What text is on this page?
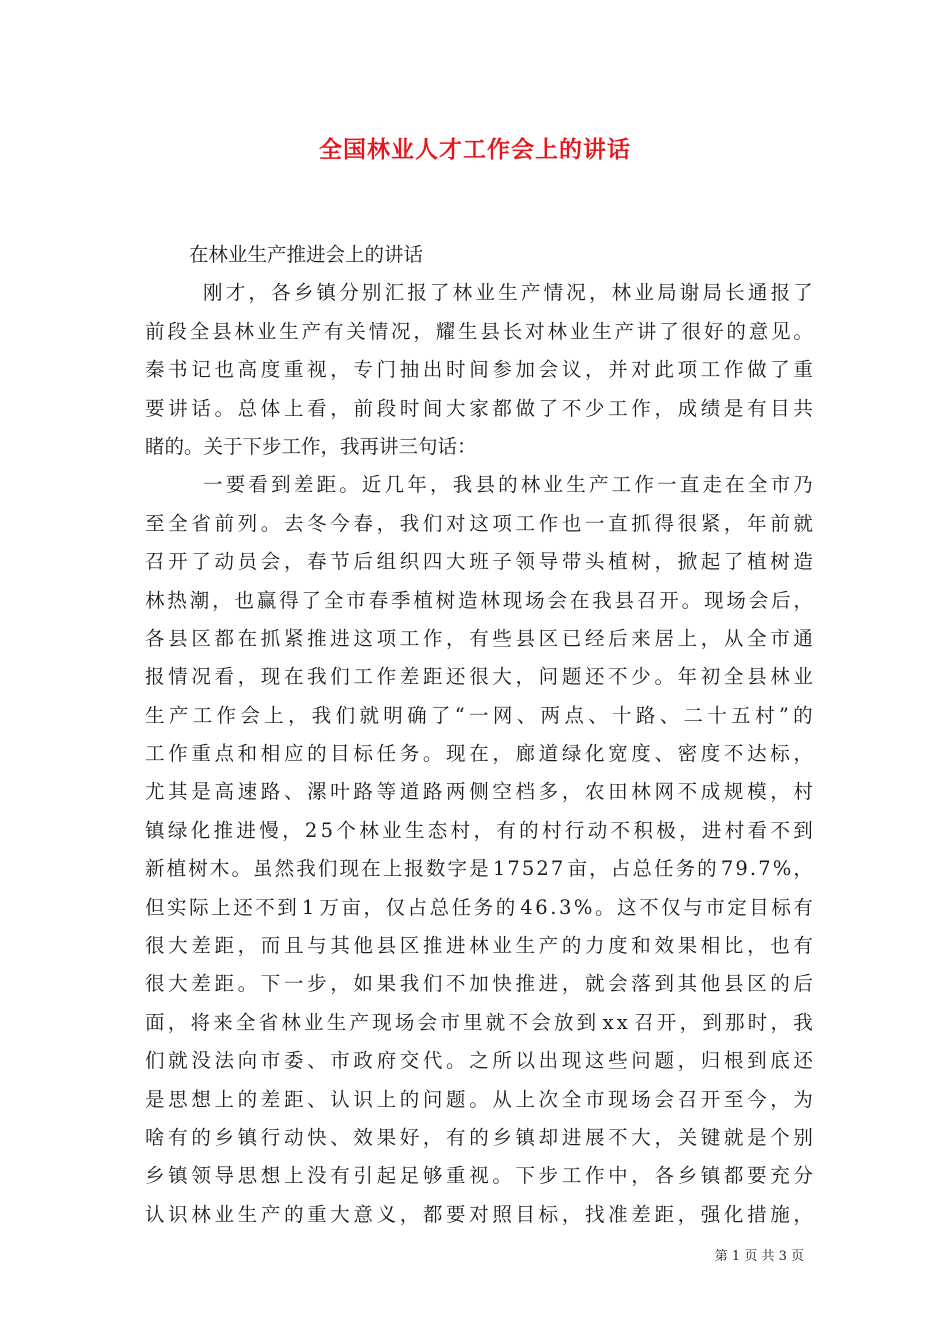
全国林业人才工作会上的讲话
在林业生产推进会上的讲话
刚 才 ， 各 乡 镇 分 别 汇 报 了 林 业 生 产 情 况 ， 林 业 局 谢 局 长 通 报 了
前 段 全 县 林 业 生 产 有 关 情 况 ， 耀 生 县 长 对 林 业 生 产 讲 了 很 好 的 意 见 。
秦 书 记 也 高 度 重 视 ， 专 门 抽 出 时 间 参 加 会 议 ， 并 对 此 项 工 作 做 了 重
要 讲 话 。 总 体 上 看 ， 前 段 时 间 大 家 都 做 了 不 少 工 作 ， 成 绩 是 有 目 共
睹的。关于下步工作，我再讲三句话：
一 要 看 到 差 距 。 近 几 年 ， 我 县 的 林 业 生 产 工 作 一 直 走 在 全 市 乃
至 全 省 前 列 。 去 冬 今 春 ， 我 们 对 这 项 工 作 也 一 直 抓 得 很 紧 ， 年 前 就
召 开 了 动 员 会 ， 春 节 后 组 织 四 大 班 子 领 导 带 头 植 树 ， 掀 起 了 植 树 造
林 热 潮 ， 也 赢 得 了 全 市 春 季 植 树 造 林 现 场 会 在 我 县 召 开 。 现 场 会 后 ，
各 县 区 都 在 抓 紧 推 进 这 项 工 作 ， 有 些 县 区 已 经 后 来 居 上 ， 从 全 市 通
报 情 况 看 ， 现 在 我 们 工 作 差 距 还 很 大 ， 问 题 还 不 少 。 年 初 全 县 林 业
生 产 工 作 会 上 ， 我 们 就 明 确 了 “ 一 网 、 两 点 、 十 路 、 二 十 五 村 ” 的
工 作 重 点 和 相 应 的 目 标 任 务 。 现 在 ， 廊 道 绿 化 宽 度 、 密 度 不 达 标 ，
尤 其 是 高 速 路 、 漯 叶 路 等 道 路 两 侧 空 档 多 ， 农 田 林 网 不 成 规 模 ， 村
镇 绿 化 推 进 慢 ， 2 5 个 林 业 生 态 村 ， 有 的 村 行 动 不 积 极 ， 进 村 看 不 到
新 植 树 木 。 虽 然 我 们 现 在 上 报 数 字 是 1 7 5 2 7 亩 ， 占 总 任 务 的 7 9 . 7 % ，
但 实 际 上 还 不 到 1 万 亩 ， 仅 占 总 任 务 的 4 6 . 3 % 。 这 不 仅 与 市 定 目 标 有
很 大 差 距 ， 而 且 与 其 他 县 区 推 进 林 业 生 产 的 力 度 和 效 果 相 比 ， 也 有
很 大 差 距 。 下 一 步 ， 如 果 我 们 不 加 快 推 进 ， 就 会 落 到 其 他 县 区 的 后
面 ， 将 来 全 省 林 业 生 产 现 场 会 市 里 就 不 会 放 到 x x 召 开 ， 到 那 时 ， 我
们 就 没 法 向 市 委 、 市 政 府 交 代 。 之 所 以 出 现 这 些 问 题 ， 归 根 到 底 还
是 思 想 上 的 差 距 、 认 识 上 的 问 题 。 从 上 次 全 市 现 场 会 召 开 至 今 ， 为
啥 有 的 乡 镇 行 动 快 、 效 果 好 ， 有 的 乡 镇 却 进 展 不 大 ， 关 键 就 是 个 别
乡 镇 领 导 思 想 上 没 有 引 起 足 够 重 视 。 下 步 工 作 中 ， 各 乡 镇 都 要 充 分
认 识 林 业 生 产 的 重 大 意 义 ， 都 要 对 照 目 标 ， 找 准 差 距 ， 强 化 措 施 ，
第 1 页 共 3 页
